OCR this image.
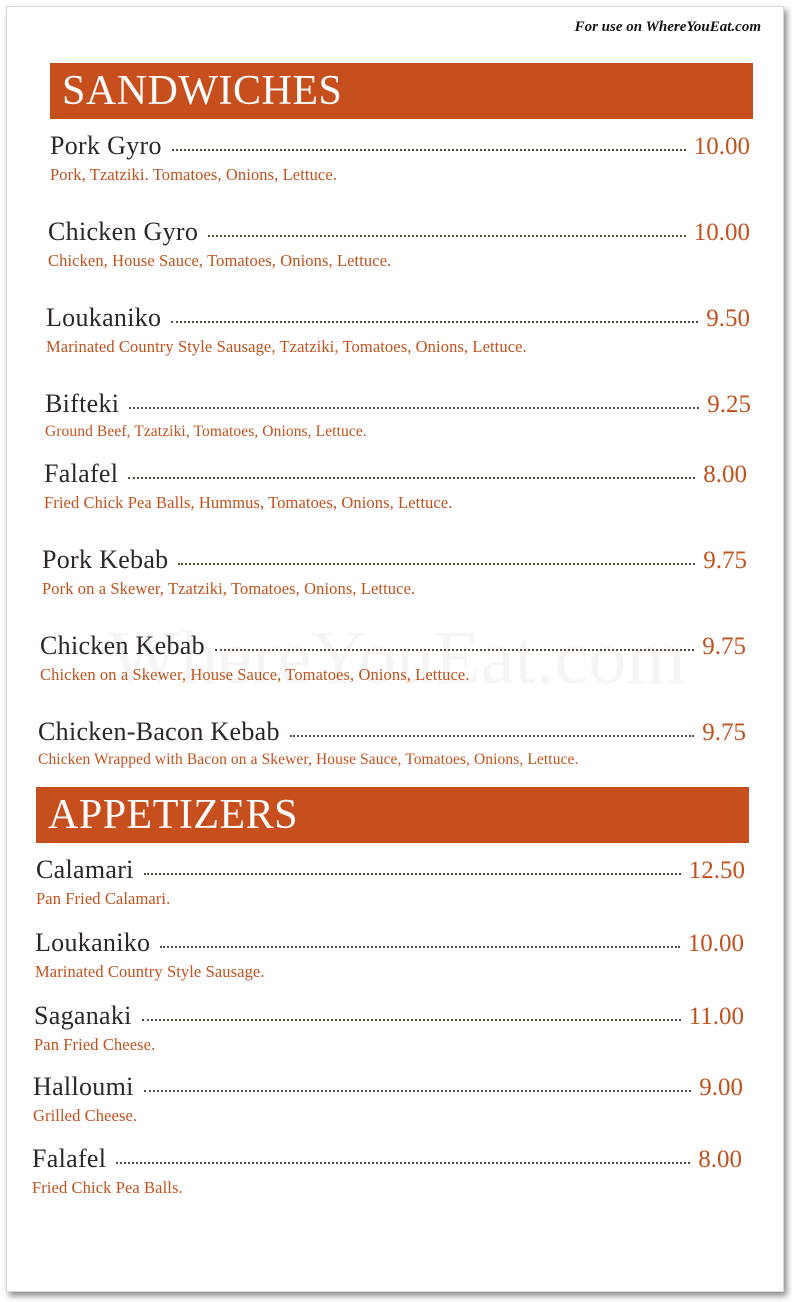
For use on WhereYouEat.com
SANDWICHES
Pork Gyro	10.00
Pork, Tzatziki. Tomatoes, Onions, Lettuce.
Chicken Gyro	10.00
Chicken, House Sauce, Tomatoes, Onions, Lettuce.
Loukaniko	9.50
Marinated Country Style Sausage, Tzatziki, Tomatoes, Onions, Lettuce.
Bifteki	9.25
Ground Beef, Tzatziki, Tomatoes, Onions, Lettuce.
Falafel	8.00
Fried Chick Pea Balls, Hummus, Tomatoes, Onions, Lettuce.
Pork Kebab	9.75
Pork on a Skewer, Tzatziki, Tomatoes, Onions, Lettuce.
Chicken Kebab	9.75
Chicken on a Skewer, House Sauce, Tomatoes, Onions, Lettuce.
Chicken-Bacon Kebab	9.75
Chicken Wrapped with Bacon on a Skewer, House Sauce, Tomatoes, Onions, Lettuce.
APPETIZERS
Calamari	12.50
Pan Fried Calamari.
Loukaniko	10.00
Marinated Country Style Sausage.
Saganaki	11.00
Pan Fried Cheese.
Halloumi	9.00
Grilled Cheese.
Falafel	8.00
Fried Chick Pea Balls.
